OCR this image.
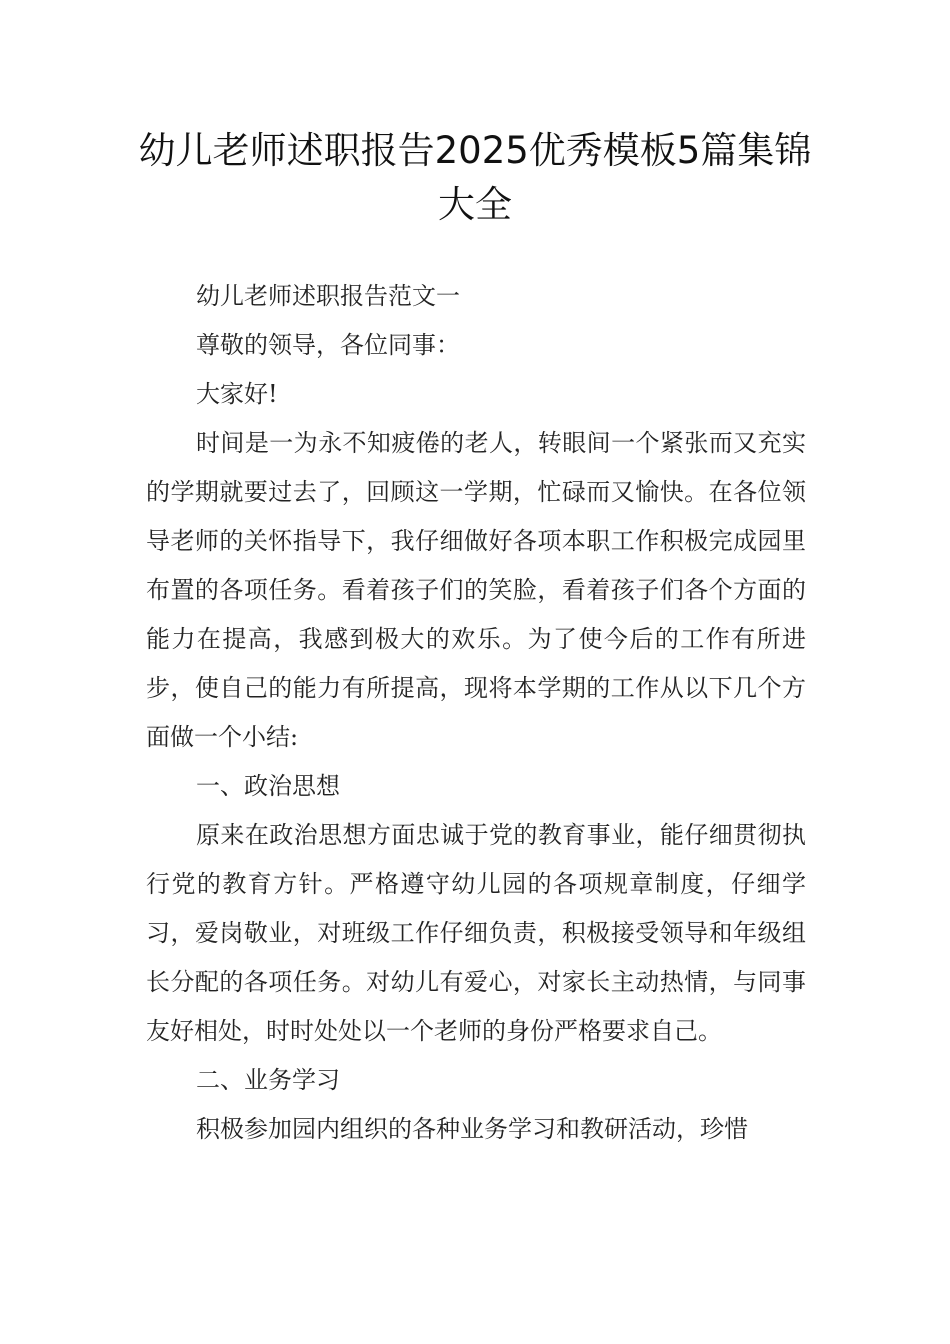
幼儿老师述职报告2025优秀模板5篇集锦大全

幼儿老师述职报告范文一

尊敬的领导，各位同事：

大家好!

时间是一为永不知疲倦的老人，转眼间一个紧张而又充实的学期就要过去了，回顾这一学期，忙碌而又愉快。在各位领导老师的关怀指导下，我仔细做好各项本职工作积极完成园里布置的各项任务。看着孩子们的笑脸，看着孩子们各个方面的能力在提高，我感到极大的欢乐。为了使今后的工作有所进步，使自己的能力有所提高，现将本学期的工作从以下几个方面做一个小结:

一、政治思想

原来在政治思想方面忠诚于党的教育事业，能仔细贯彻执行党的教育方针。严格遵守幼儿园的各项规章制度，仔细学习，爱岗敬业，对班级工作仔细负责，积极接受领导和年级组长分配的各项任务。对幼儿有爱心，对家长主动热情，与同事友好相处，时时处处以一个老师的身份严格要求自己。

二、业务学习

积极参加园内组织的各种业务学习和教研活动，珍惜
